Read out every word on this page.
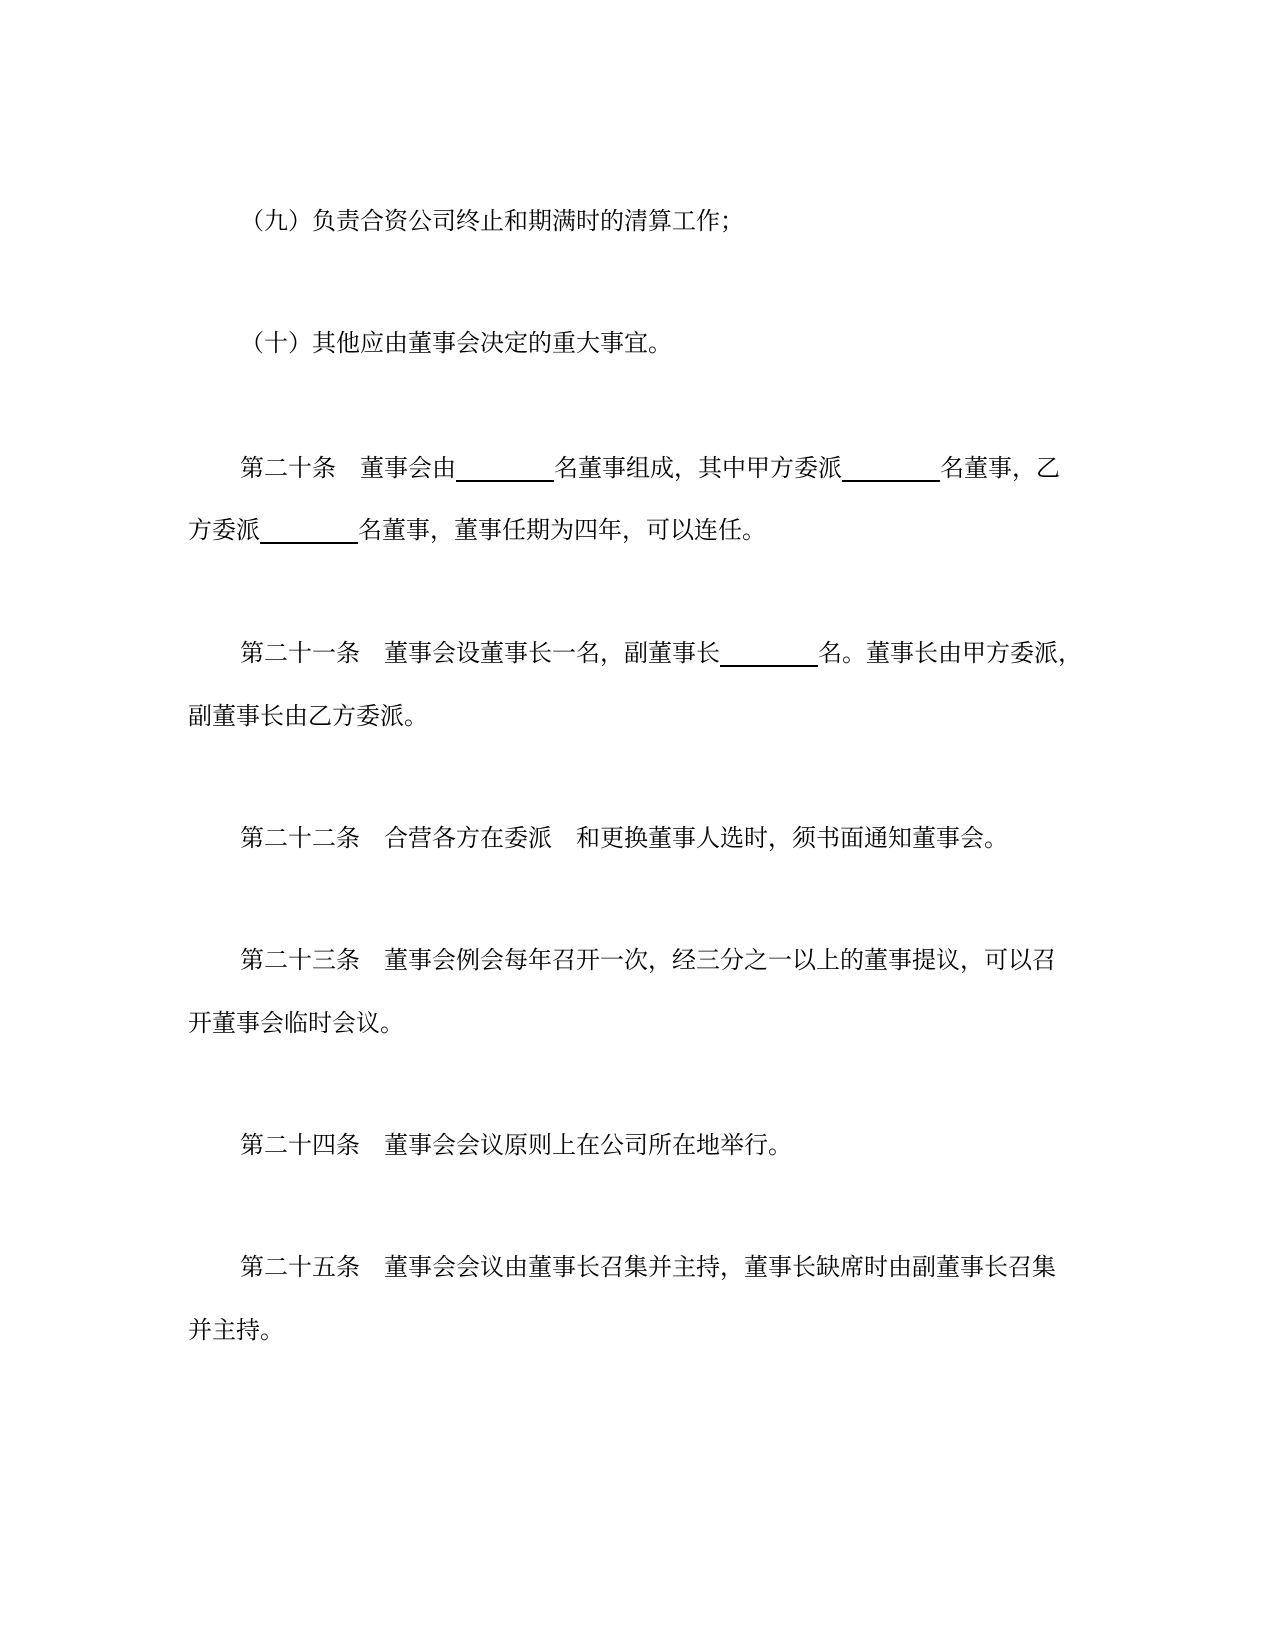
（九）负责合资公司终止和期满时的清算工作；
（十）其他应由董事会决定的重大事宜。
第二十条 董事会由	名董事组成，其中甲方委派	名董事，乙
方委派	名董事，董事任期为四年，可以连任。
第二十一条 董事会设董事长一名，副董事长	名。董事长由甲方委派，
副董事长由乙方委派。
第二十二条 合营各方在委派 和更换董事人选时，须书面通知董事会。
第二十三条 董事会例会每年召开一次，经三分之一以上的董事提议，可以召
开董事会临时会议。
第二十四条 董事会会议原则上在公司所在地举行。
第二十五条 董事会会议由董事长召集并主持，董事长缺席时由副董事长召集
并主持。
